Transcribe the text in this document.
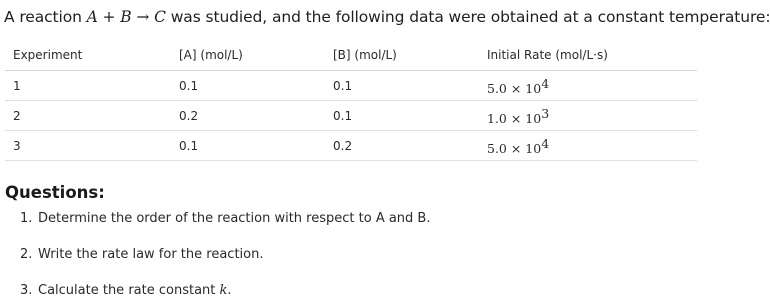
A reaction A + B → C was studied, and the following data were obtained at a constant temperature:
Experiment	[A] (mol/L)	[B] (mol/L)	Initial Rate (mol/L·s)
1	0.1	0.1	$5.0 \times 10^4$
2	0.2	0.1	$1.0 \times 10^3$
3	0.1	0.2	$5.0 \times 10^4$
Questions:
1. Determine the order of the reaction with respect to A and B.
2. Write the rate law for the reaction.
3. Calculate the rate constant k.
